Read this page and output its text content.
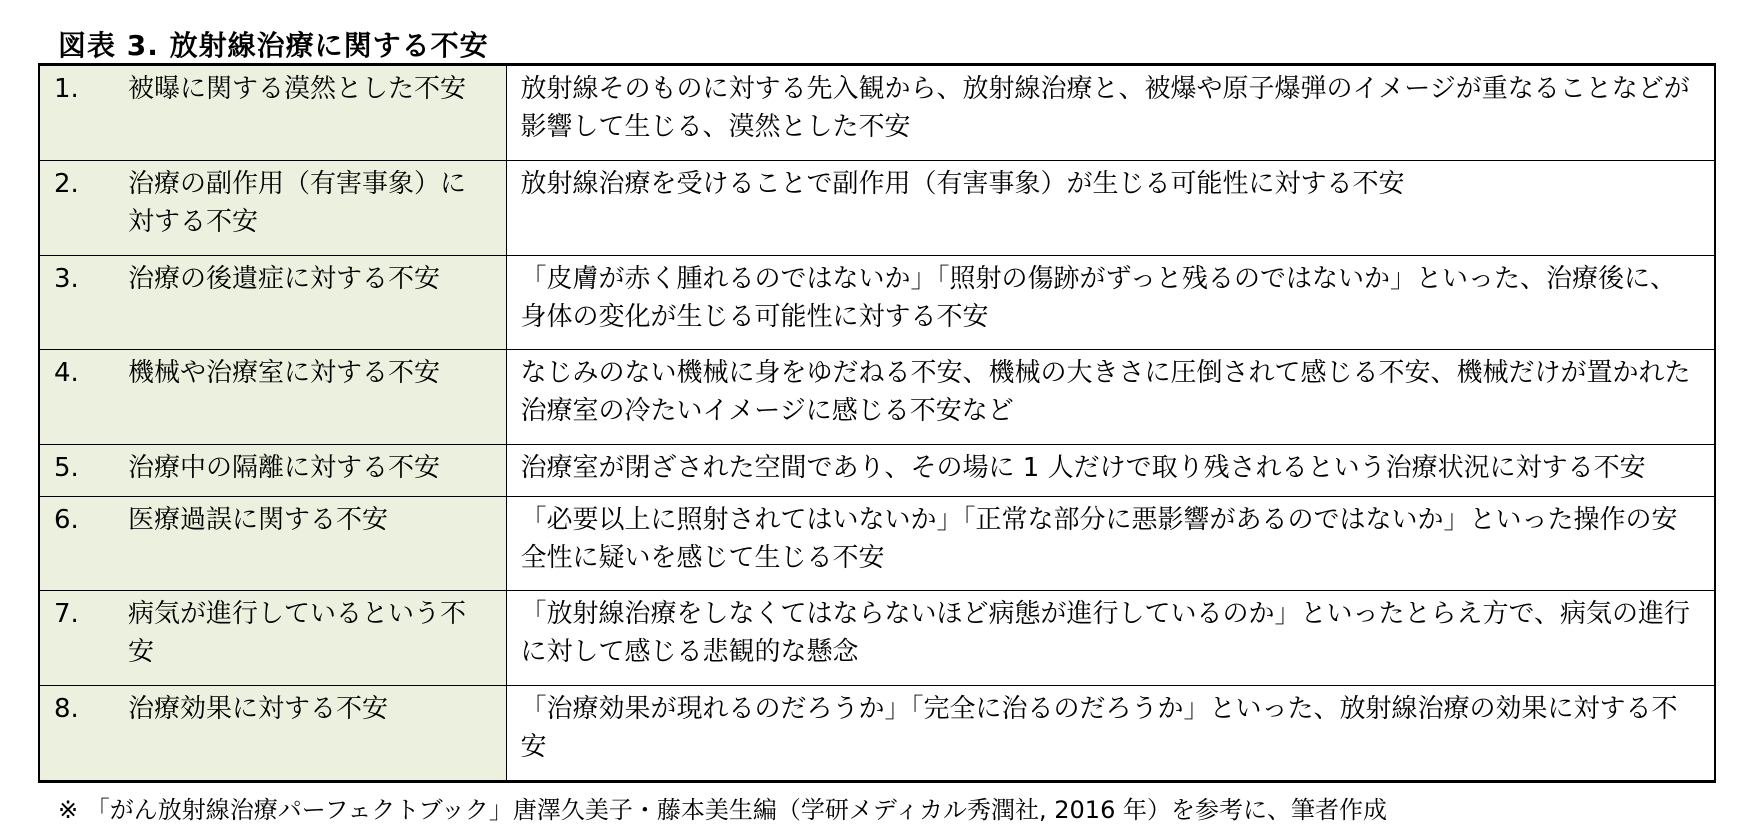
図表 3. 放射線治療に関する不安
1. 被曝に関する漠然とした不安	放射線そのものに対する先入観から、放射線治療と、被爆や原子爆弾のイメージが重なることなどが影響して生じる、漠然とした不安

2. 治療の副作用（有害事象）に対する不安	放射線治療を受けることで副作用（有害事象）が生じる可能性に対する不安

3. 治療の後遺症に対する不安	「皮膚が赤く腫れるのではないか」「照射の傷跡がずっと残るのではないか」といった、治療後に、身体の変化が生じる可能性に対する不安

4. 機械や治療室に対する不安	なじみのない機械に身をゆだねる不安、機械の大きさに圧倒されて感じる不安、機械だけが置かれた治療室の冷たいイメージに感じる不安など

5. 治療中の隔離に対する不安	治療室が閉ざされた空間であり、その場に 1 人だけで取り残されるという治療状況に対する不安

6. 医療過誤に関する不安	「必要以上に照射されてはいないか」「正常な部分に悪影響があるのではないか」といった操作の安全性に疑いを感じて生じる不安

7. 病気が進行しているという不安	「放射線治療をしなくてはならないほど病態が進行しているのか」といったとらえ方で、病気の進行に対して感じる悲観的な懸念

8. 治療効果に対する不安	「治療効果が現れるのだろうか」「完全に治るのだろうか」といった、放射線治療の効果に対する不安
※ 「がん放射線治療パーフェクトブック」唐澤久美子・藤本美生編（学研メディカル秀潤社, 2016 年）を参考に、筆者作成
